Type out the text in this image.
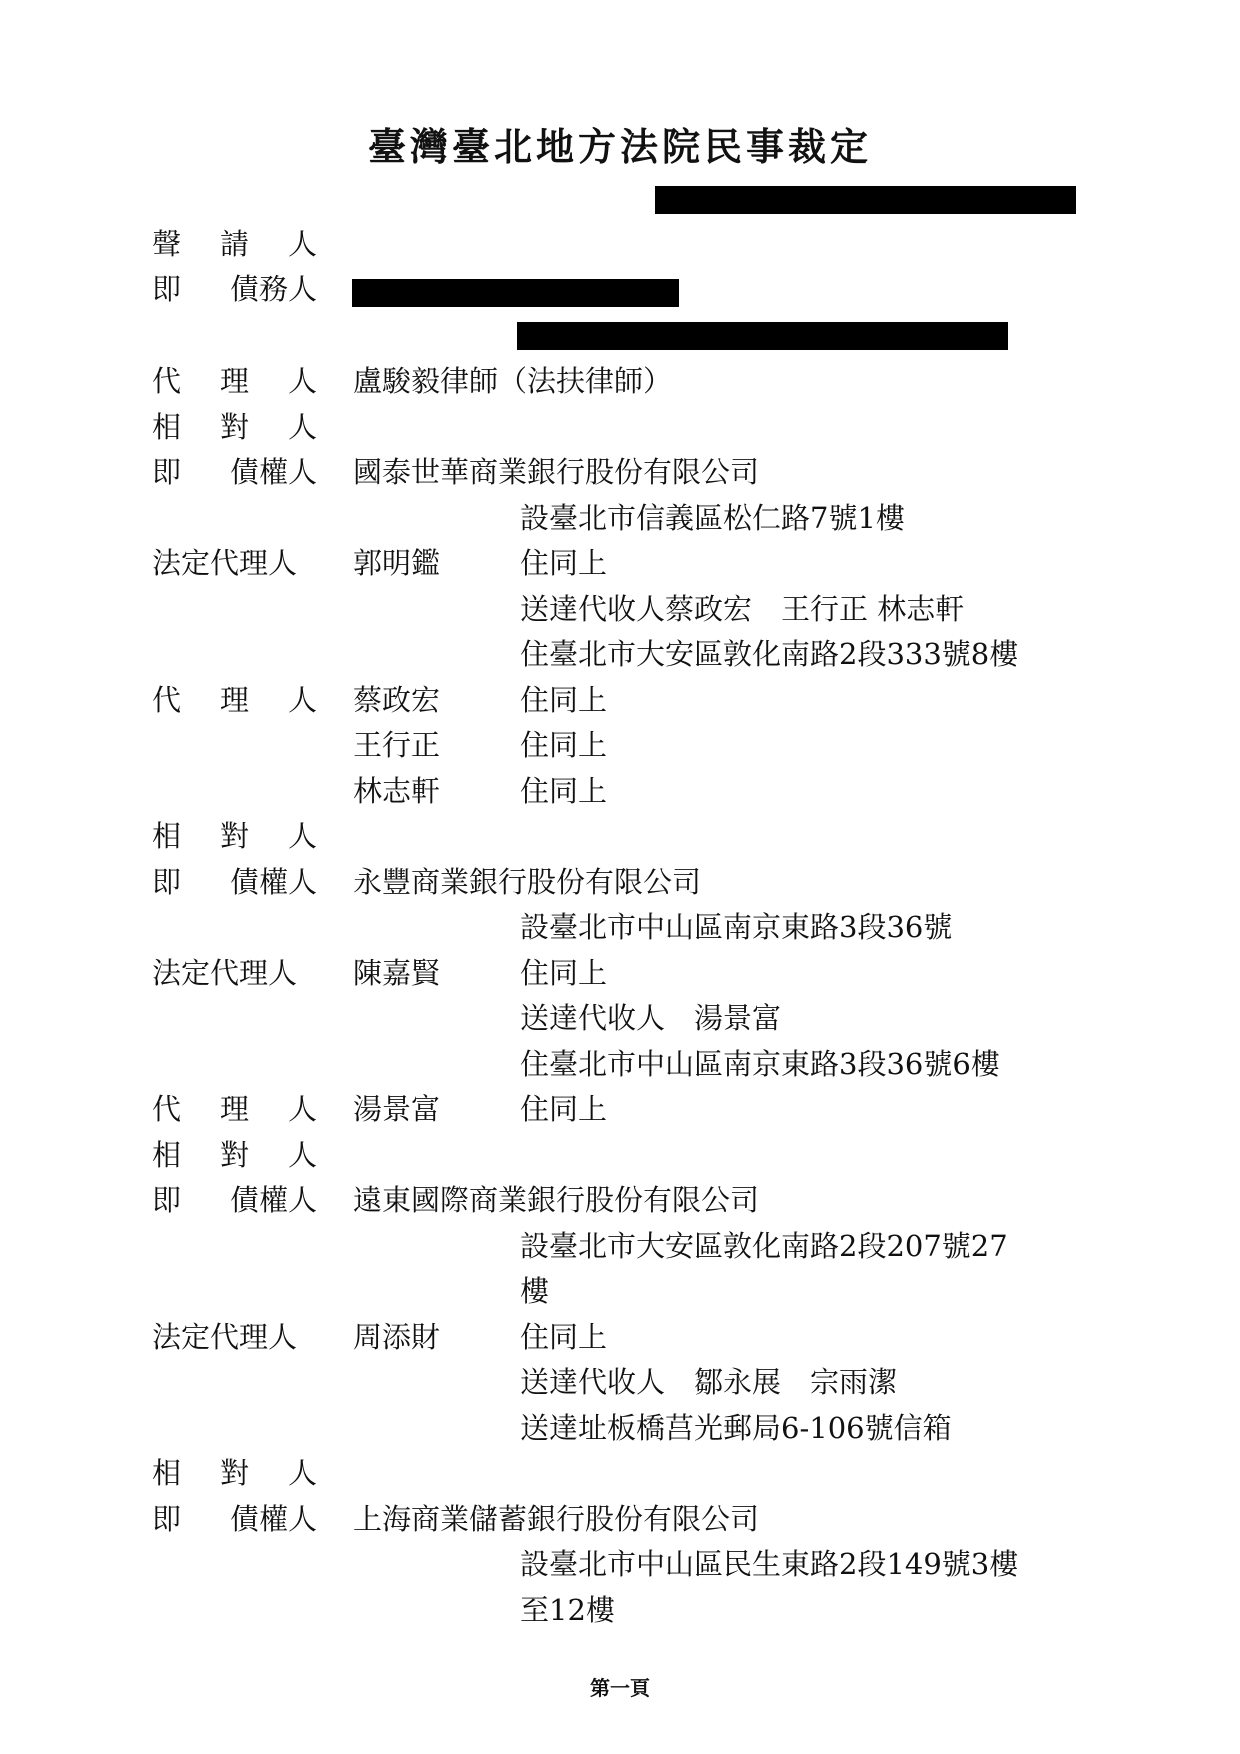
臺灣臺北地方法院民事裁定
聲 請 人
即 債務人
代 理 人 盧駿毅律師（法扶律師）
相 對 人
即 債權人 國泰世華商業銀行股份有限公司
設臺北市信義區松仁路7號1樓
法定代理人 郭明鑑	住同上
送達代收人蔡政宏　王行正 林志軒
住臺北市大安區敦化南路2段333號8樓
代 理 人 蔡政宏	住同上
王行正	住同上
林志軒	住同上
相 對 人
即 債權人 永豐商業銀行股份有限公司
設臺北市中山區南京東路3段36號
法定代理人 陳嘉賢	住同上
送達代收人　湯景富
住臺北市中山區南京東路3段36號6樓
代 理 人 湯景富	住同上
相 對 人
即 債權人 遠東國際商業銀行股份有限公司
設臺北市大安區敦化南路2段207號27
樓
法定代理人 周添財	住同上
送達代收人　鄒永展　宗雨潔
送達址板橋莒光郵局6-106號信箱
相 對 人
即 債權人 上海商業儲蓄銀行股份有限公司
設臺北市中山區民生東路2段149號3樓
至12樓
第一頁
